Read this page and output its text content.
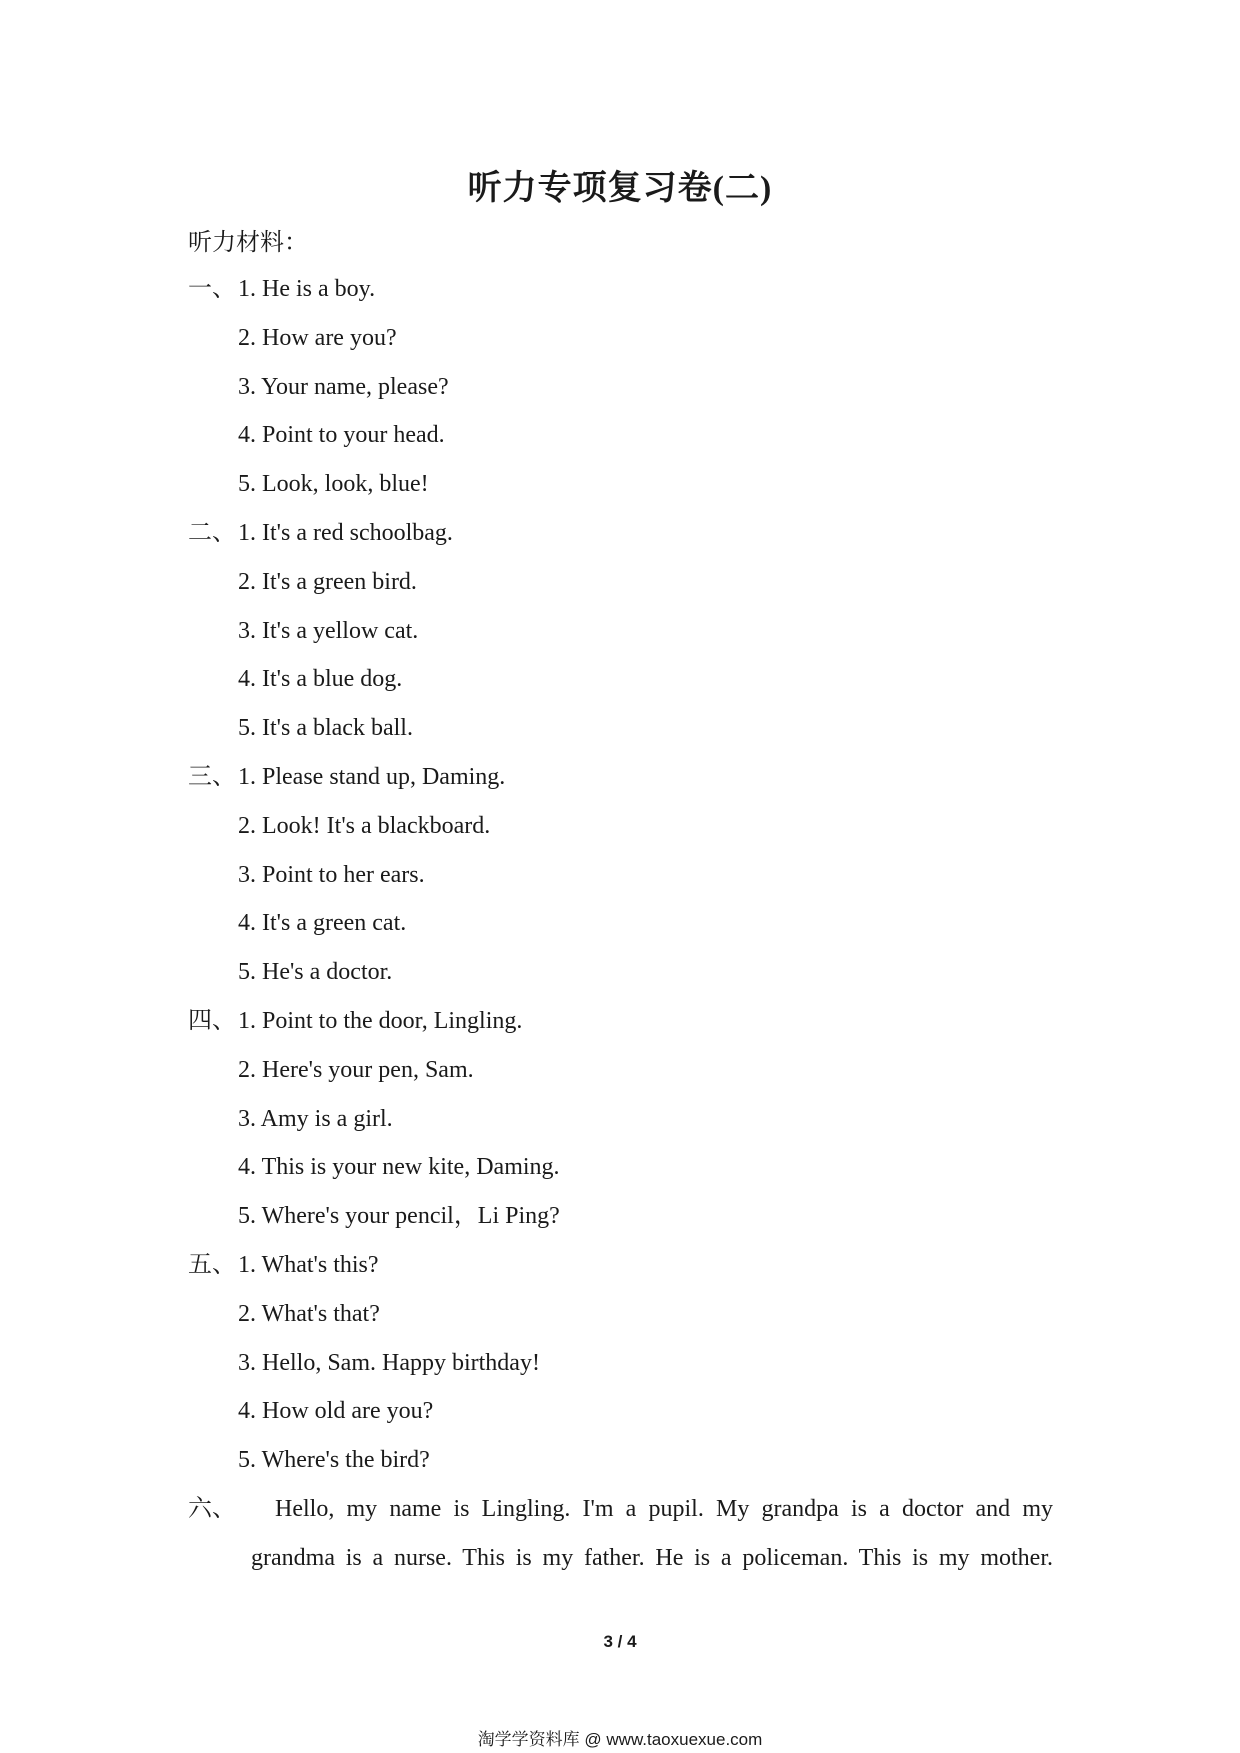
听力专项复习卷(二)
听力材料：
一、 1. He is a boy.
2. How are you?
3. Your name, please?
4. Point to your head.
5. Look, look, blue!
二、 1. It's a red schoolbag.
2. It's a green bird.
3. It's a yellow cat.
4. It's a blue dog.
5. It's a black ball.
三、 1. Please stand up, Daming.
2. Look! It's a blackboard.
3. Point to her ears.
4. It's a green cat.
5. He's a doctor.
四、 1. Point to the door, Lingling.
2. Here's your pen, Sam.
3. Amy is a girl.
4. This is your new kite, Daming.
5. Where's your pencil，Li Ping?
五、 1. What's this?
2. What's that?
3. Hello, Sam. Happy birthday!
4. How old are you?
5. Where's the bird?
六、	Hello, my name is Lingling. I'm a pupil. My grandpa is a doctor and my
grandma is a nurse. This is my father. He is a policeman. This is my mother.
3 / 4
淘学学资料库 @ www.taoxuexue.com
